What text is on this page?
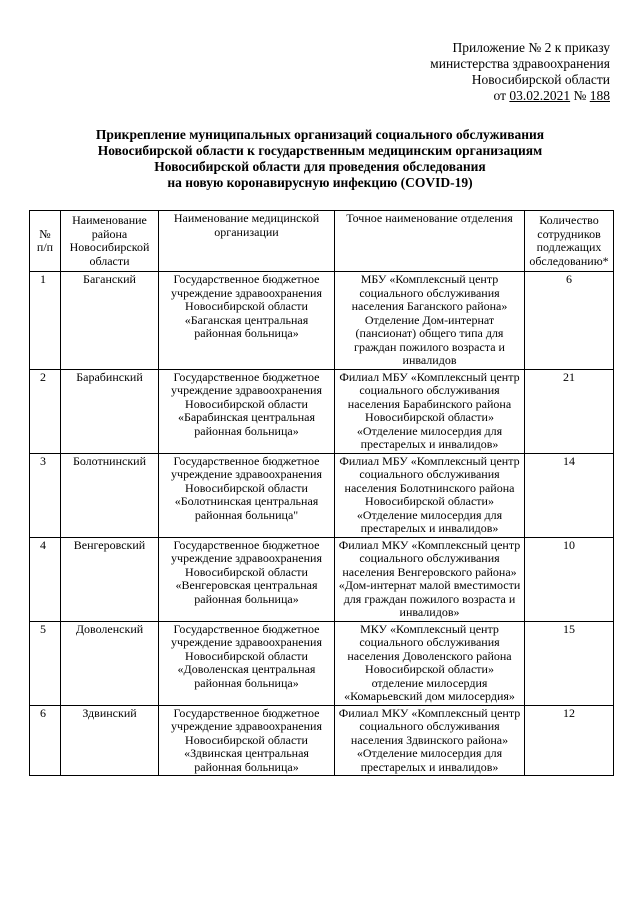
Приложение № 2 к приказу
министерства здравоохранения
Новосибирской области
от 03.02.2021 № 188
Прикрепление муниципальных организаций социального обслуживания
Новосибирской области к государственным медицинским организациям
Новосибирской области для проведения обследования
на новую коронавирусную инфекцию (COVID-19)
№ п/п	Наименование района Новосибирской области	Наименование медицинской организации	Точное наименование отделения	Количество сотрудников подлежащих обследованию*
1	Баганский	Государственное бюджетное учреждение здравоохранения Новосибирской области «Баганская центральная районная больница»	МБУ «Комплексный центр социального обслуживания населения Баганского района» Отделение Дом-интернат (пансионат) общего типа для граждан пожилого возраста и инвалидов	6
2	Барабинский	Государственное бюджетное учреждение здравоохранения Новосибирской области «Барабинская центральная районная больница»	Филиал МБУ «Комплексный центр социального обслуживания населения Барабинского района Новосибирской области» «Отделение милосердия для престарелых и инвалидов»	21
3	Болотнинский	Государственное бюджетное учреждение здравоохранения Новосибирской области «Болотнинская центральная районная больница"	Филиал МБУ «Комплексный центр социального обслуживания населения Болотнинского района Новосибирской области» «Отделение милосердия для престарелых и инвалидов»	14
4	Венгеровский	Государственное бюджетное учреждение здравоохранения Новосибирской области «Венгеровская центральная районная больница»	Филиал МКУ «Комплексный центр социального обслуживания населения Венгеровского района» «Дом-интернат малой вместимости для граждан пожилого возраста и инвалидов»	10
5	Доволенский	Государственное бюджетное учреждение здравоохранения Новосибирской области «Доволенская центральная районная больница»	МКУ «Комплексный центр социального обслуживания населения Доволенского района Новосибирской области» отделение милосердия «Комарьевский дом милосердия»	15
6	Здвинский	Государственное бюджетное учреждение здравоохранения Новосибирской области «Здвинская центральная районная больница»	Филиал МКУ «Комплексный центр социального обслуживания населения Здвинского района» «Отделение милосердия для престарелых и инвалидов»	12
